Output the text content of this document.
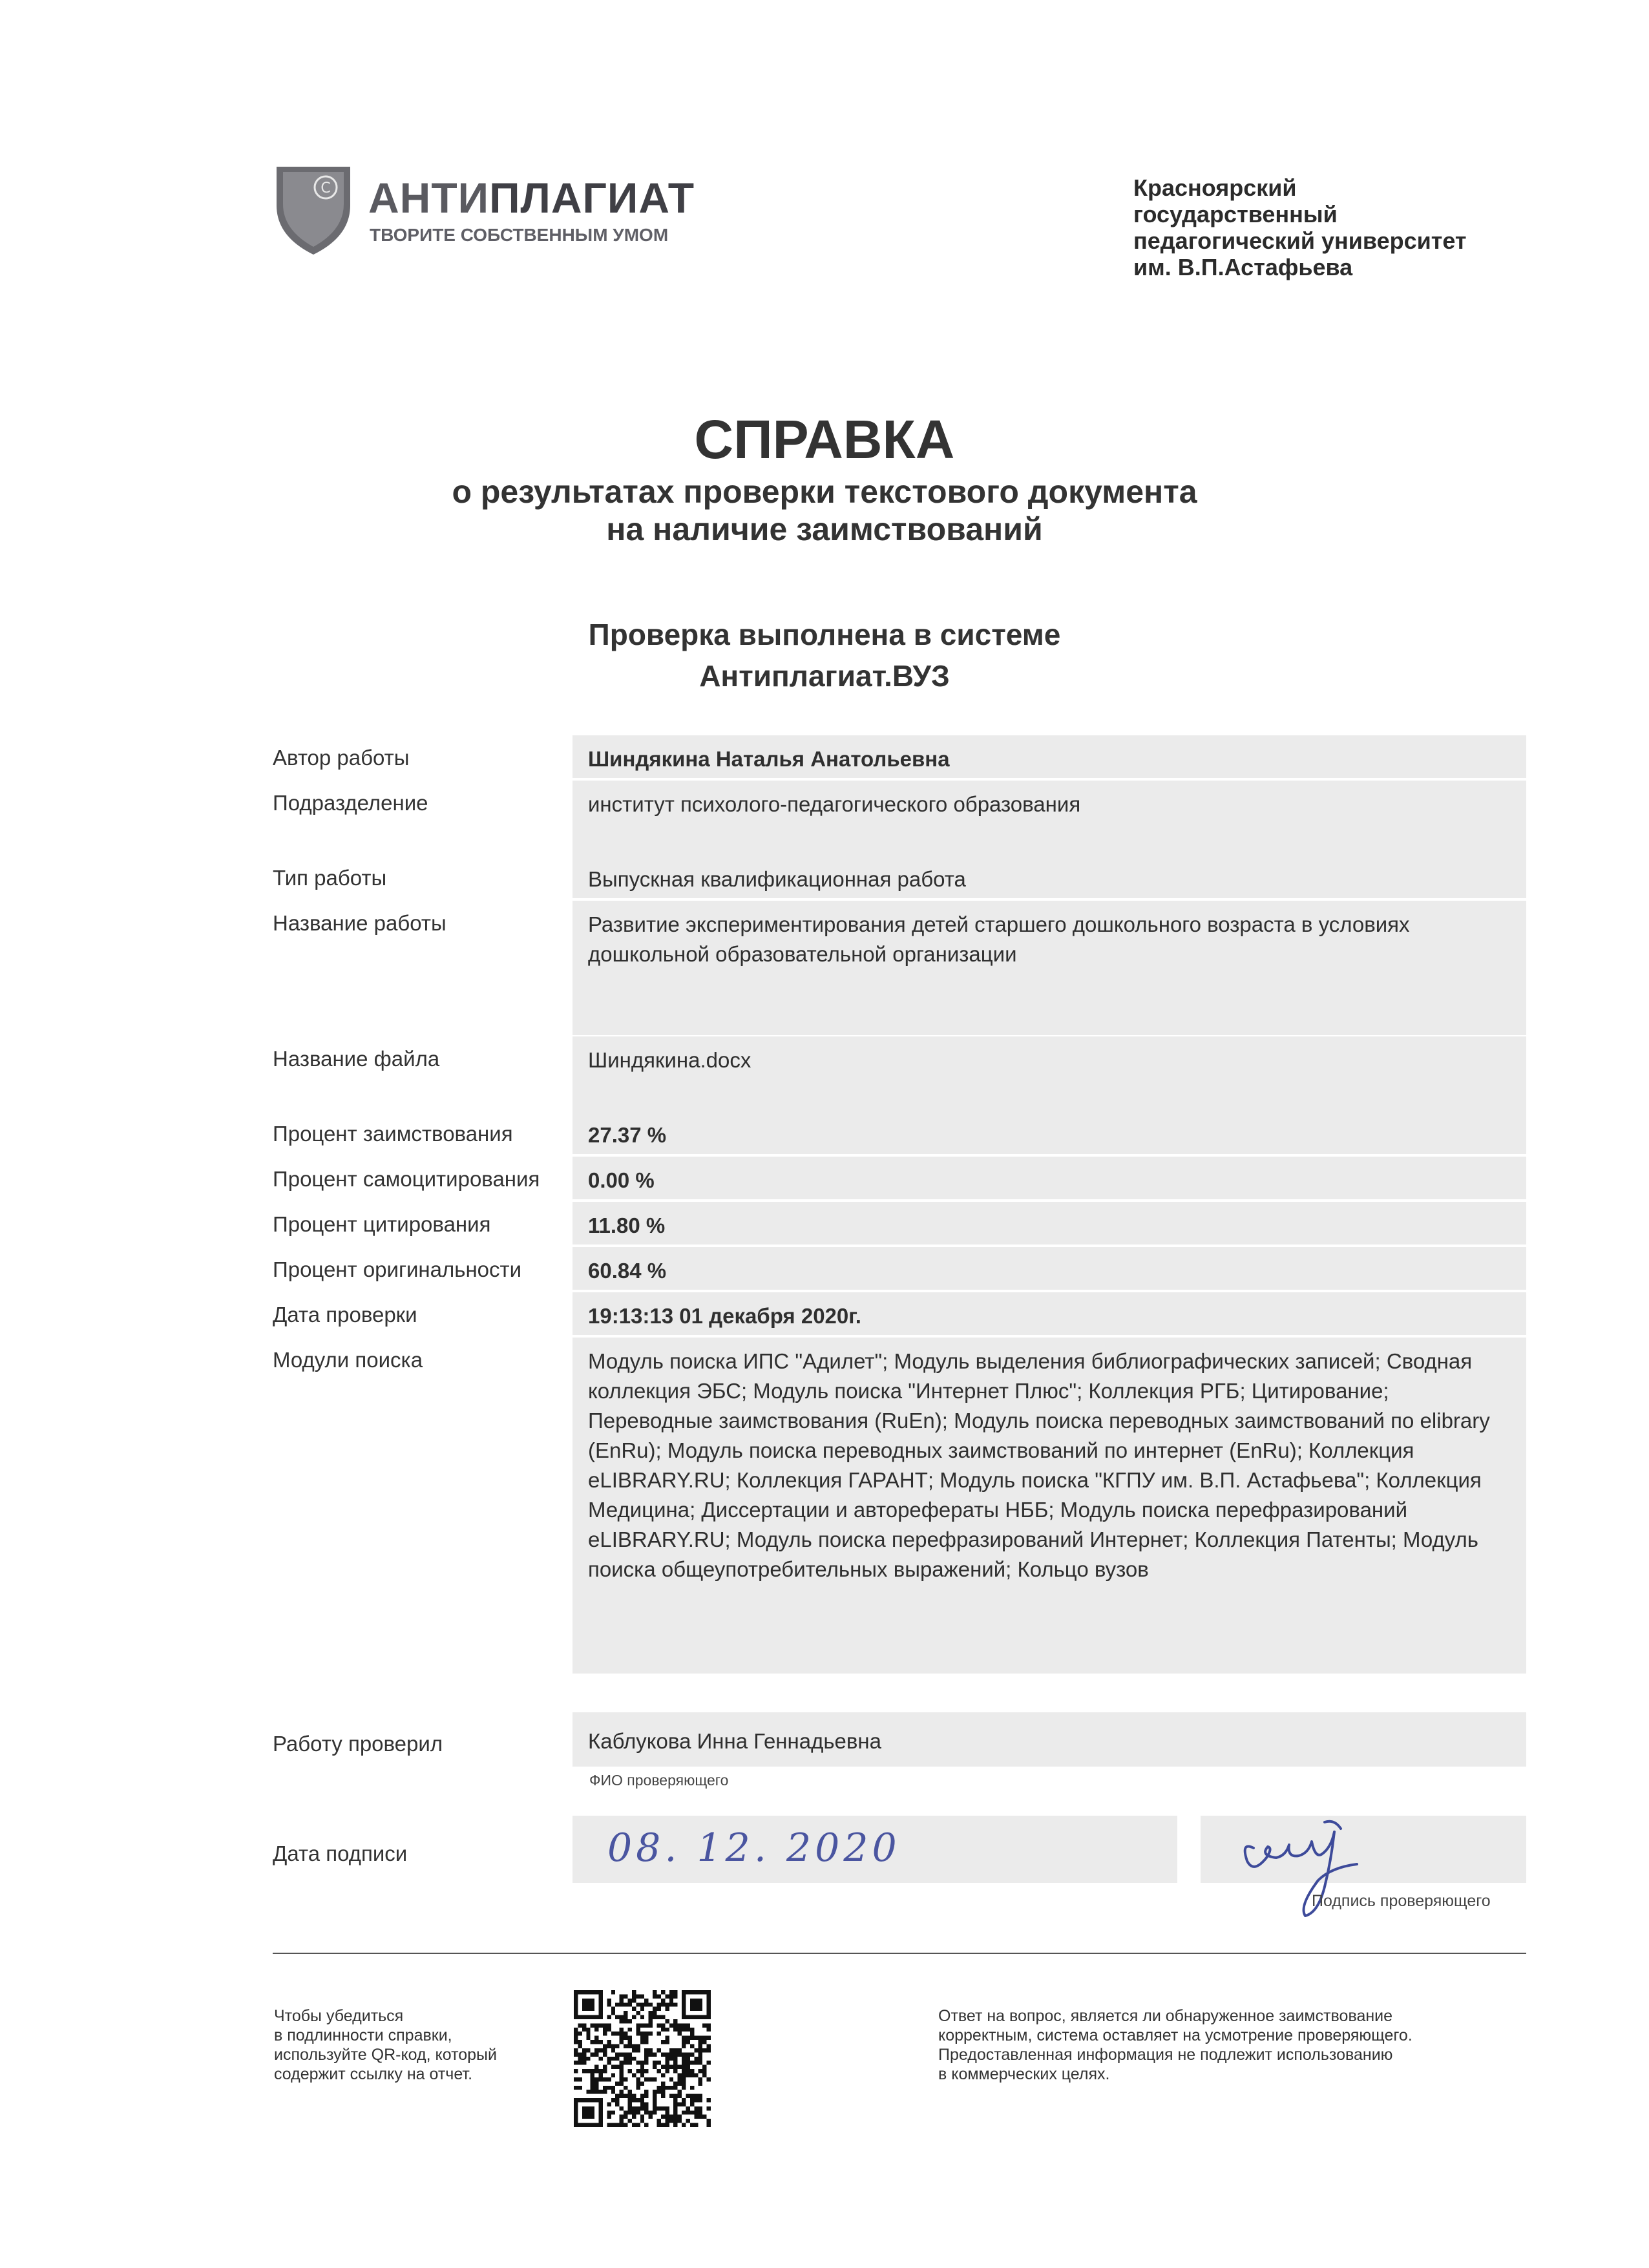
C АНТИПЛАГИАТ
ТВОРИТЕ СОБСТВЕННЫМ УМОМ
Красноярский
государственный
педагогический университет
им. В.П.Астафьева
СПРАВКА
о результатах проверки текстового документа
на наличие заимствований
Проверка выполнена в системе
Антиплагиат.ВУЗ
Автор работы	Шиндякина Наталья Анатольевна
Подразделение	институт психолого-педагогического образования
Тип работы	Выпускная квалификационная работа
Название работы	Развитие экспериментирования детей старшего дошкольного возраста в условиях дошкольной образовательной организации
Название файла	Шиндякина.docx
Процент заимствования	27.37 %
Процент самоцитирования	0.00 %
Процент цитирования	11.80 %
Процент оригинальности	60.84 %
Дата проверки	19:13:13 01 декабря 2020г.
Модули поиска	Модуль поиска ИПС "Адилет"; Модуль выделения библиографических записей; Сводная коллекция ЭБС; Модуль поиска "Интернет Плюс"; Коллекция РГБ; Цитирование; Переводные заимствования (RuEn); Модуль поиска переводных заимствований по elibrary (EnRu); Модуль поиска переводных заимствований по интернет (EnRu); Коллекция eLIBRARY.RU; Коллекция ГАРАНТ; Модуль поиска "КГПУ им. В.П. Астафьева"; Коллекция Медицина; Диссертации и авторефераты НББ; Модуль поиска перефразирований eLIBRARY.RU; Модуль поиска перефразирований Интернет; Коллекция Патенты; Модуль поиска общеупотребительных выражений; Кольцо вузов
Работу проверил	Каблукова Инна Геннадьевна
ФИО проверяющего
Дата подписи	08. 12. 2020
Подпись проверяющего
Чтобы убедиться
в подлинности справки,
используйте QR-код, который
содержит ссылку на отчет.
Ответ на вопрос, является ли обнаруженное заимствование
корректным, система оставляет на усмотрение проверяющего.
Предоставленная информация не подлежит использованию
в коммерческих целях.
